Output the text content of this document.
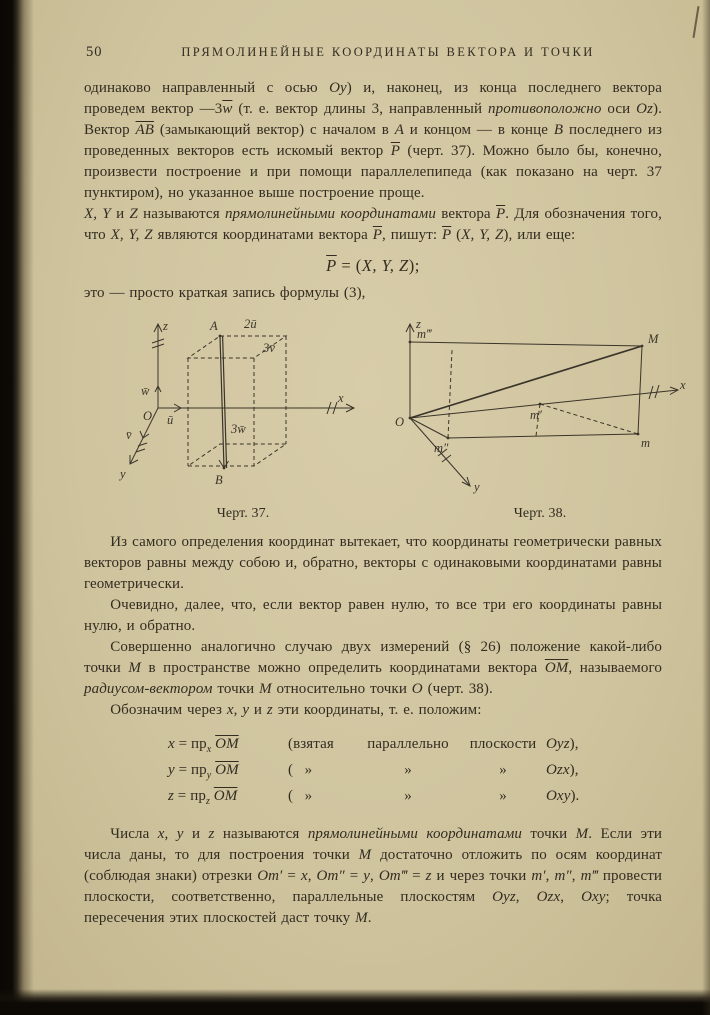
50	ПРЯМОЛИНЕЙНЫЕ КООРДИНАТЫ ВЕКТОРА И ТОЧКИ

одинаково направленный с осью Oy) и, наконец, из конца последнего вектора проведем вектор $—3\overline{w}$ (т. е. вектор длины 3, направленный противоположно оси Oz). Вектор $\overline{AB}$ (замыкающий вектор) с началом в A и концом — в конце B последнего из проведенных векторов есть искомый вектор $\overline{P}$ (черт. 37). Можно было бы, конечно, произвести построение и при помощи параллелепипеда (как показано на черт. 37 пунктиром), но указанное выше построение проще.

X, Y и Z называются прямолинейными координатами вектора $\overline{P}$. Для обозначения того, что X, Y, Z являются координатами вектора $\overline{P}$, пишут: $\overline{P}$ (X, Y, Z), или еще:

$\overline{P} = (X$, Y, Z);

это — просто краткая запись формулы (3),

z
x
y
O
w̄
ū
v̄
A 2ū
3v̄
3w̄
B
Черт. 37.
z
x
y
O
M
m‴
m′
m″	m
Черт. 38.

Из самого определения координат вытекает, что координаты геометрически равных векторов равны между собою и, обратно, векторы с одинаковыми координатами равны геометрически.

Очевидно, далее, что, если вектор равен нулю, то все три его координаты равны нулю, и обратно.

Совершенно аналогично случаю двух измерений (§ 26) положение какой-либо точки M в пространстве можно определить координатами вектора $\overline{OM}$, называемого радиусом-вектором точки M относительно точки O (черт. 38).

Обозначим через x, y и z эти координаты, т. е. положим:

$x = пр_x$ $\overline{OM}$	(взятая	параллельно	плоскости Oyz),
$y = пр_y$ $\overline{OM}$	(   »	»	»	Ozx),
$z = пр_z$ $\overline{OM}$	(   »	»	»	Oxy).

Числа x, y и z называются прямолинейными координатами точки M. Если эти числа даны, то для построения точки M достаточно отложить по осям координат (соблюдая знаки) отрезки Om′ = x, Om″ = y, Om‴ = z и через точки m′, m″, m‴ провести плоскости, соответственно, параллельные плоскостям Oyz, Ozx, Oxy; точка пересечения этих плоскостей даст точку M.
